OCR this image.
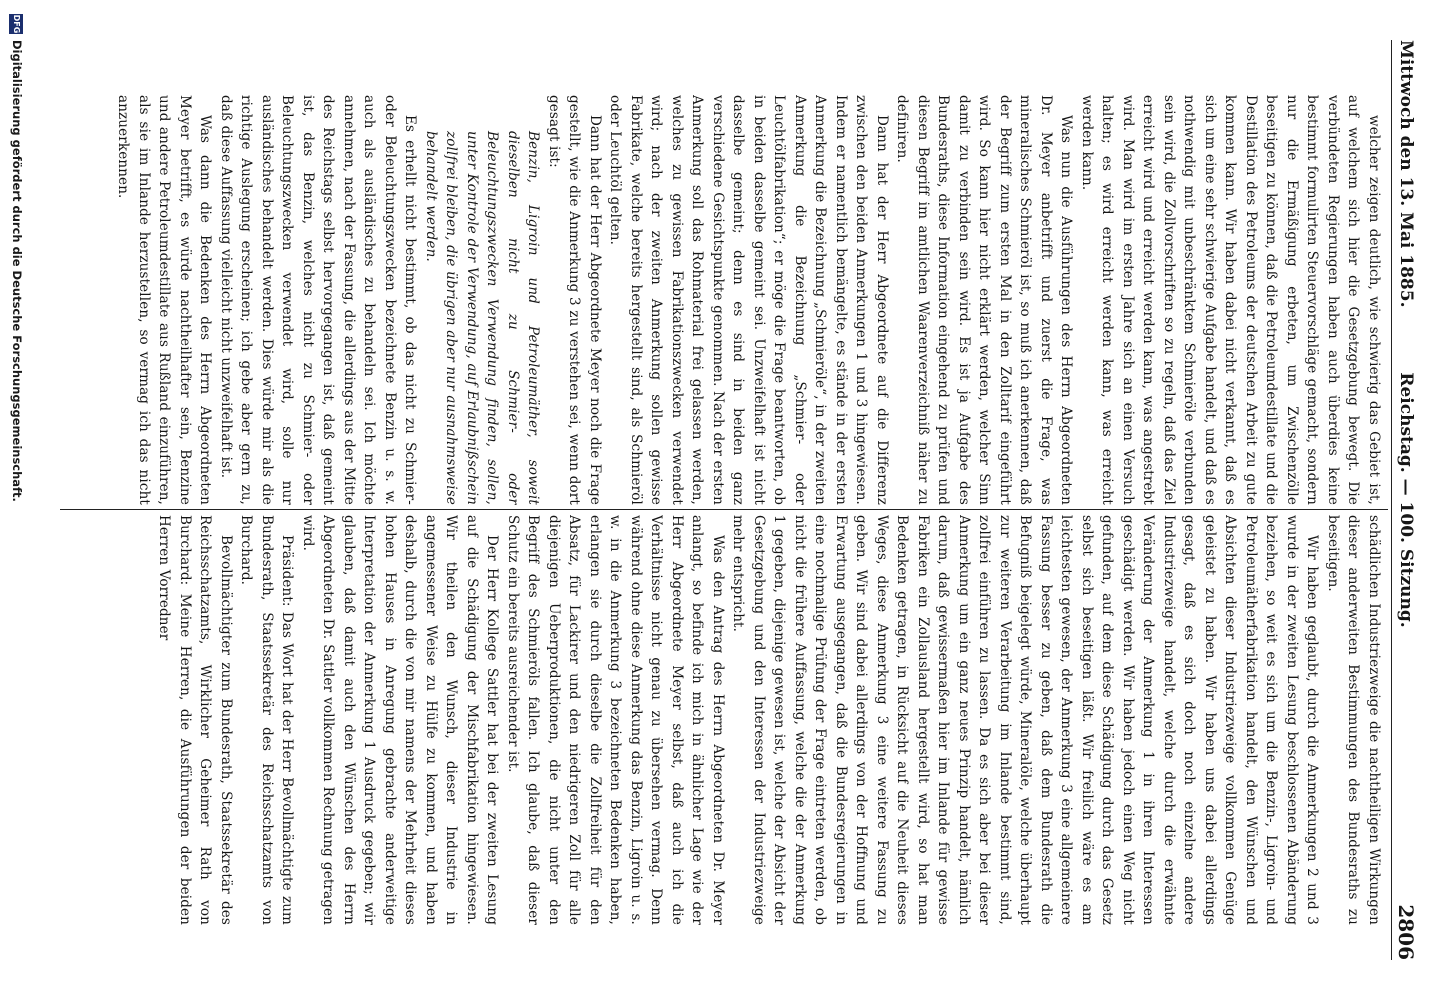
Mittwoch den 13. Mai 1885.
Reichstag. — 100. Sitzung.
2806

welcher zeigen deutlich, wie schwierig das Gebiet ist, auf welchem sich hier die Gesetzgebung bewegt. Die verbündeten Regierungen haben auch überdies keine bestimmt formulirten Steuervorschläge gemacht, sondern nur die Ermäßigung erbeten, um Zwischenzölle beseitigen zu können, daß die Petroleumdestillate und die Destillation des Petroleums der deutschen Arbeit zu gute kommen kann. Wir haben dabei nicht verkannt, daß es sich um eine sehr schwierige Aufgabe handelt, und daß es nothwendig mit unbeschränktem Schmieröle verbunden sein wird, die Zollvorschriften so zu regeln, daß das Ziel erreicht wird und erreicht werden kann, was angestrebt wird. Man wird im ersten Jahre sich an einen Versuch halten; es wird erreicht werden kann, was erreicht werden kann.

Was nun die Ausführungen des Herrn Abgeordneten Dr. Meyer anbetrifft und zuerst die Frage, was mineralisches Schmieröl ist, so muß ich anerkennen, daß der Begriff zum ersten Mal in den Zolltarif eingeführt wird. So kann hier nicht erklärt werden, welcher Sinn damit zu verbinden sein wird. Es ist ja Aufgabe des Bundesraths, diese Information eingehend zu prüfen und diesen Begriff im amtlichen Waarenverzeichniß näher zu definiren.

Dann hat der Herr Abgeordnete auf die Differenz zwischen den beiden Anmerkungen 1 und 3 hingewiesen. Indem er namentlich bemängelte, es stände in der ersten Anmerkung die Bezeichnung „Schmieröle“, in der zweiten Anmerkung die Bezeichnung „Schmier- oder Leuchtölfabrikation“; er möge die Frage beantworten, ob in beiden dasselbe gemeint sei. Unzweifelhaft ist nicht dasselbe gemeint; denn es sind in beiden ganz verschiedene Gesichtspunkte genommen. Nach der ersten Anmerkung soll das Rohmaterial frei gelassen werden, welches zu gewissen Fabrikationszwecken verwendet wird; nach der zweiten Anmerkung sollen gewisse Fabrikate, welche bereits hergestellt sind, als Schmieröl oder Leuchtöl gelten.

Dann hat der Herr Abgeordnete Meyer noch die Frage gestellt, wie die Anmerkung 3 zu verstehen sei, wenn dort gesagt ist:

Benzin, Ligroin und Petroleumäther, soweit dieselben nicht zu Schmier- oder Beleuchtungszwecken Verwendung finden, sollen, unter Kontrole der Verwendung, auf Erlaubnißschein zollfrei bleiben, die übrigen aber nur ausnahmsweise behandelt werden.

Es erhellt nicht bestimmt, ob das nicht zu Schmier- oder Beleuchtungszwecken bezeichnete Benzin u. s. w. auch als ausländisches zu behandeln sei. Ich möchte annehmen, nach der Fassung, die allerdings aus der Mitte des Reichstags selbst hervorgegangen ist, daß gemeint ist, das Benzin, welches nicht zu Schmier- oder Beleuchtungszwecken verwendet wird, solle nur ausländisches behandelt werden. Dies würde mir als die richtige Auslegung erscheinen; ich gebe aber gern zu, daß diese Auffassung vielleicht nicht unzweifelhaft ist.

Was dann die Bedenken des Herrn Abgeordneten Meyer betrifft, es würde nachtheilhafter sein, Benzine und andere Petroleumdestillate aus Rußland einzuführen, als sie im Inlande herzustellen, so vermag ich das nicht anzuerkennen.

schädlichen Industriezweige die nachtheiligen Wirkungen dieser anderweiten Bestimmungen des Bundesraths zu beseitigen.

Wir haben geglaubt, durch die Anmerkungen 2 und 3 wurde in der zweiten Lesung beschlossenen Abänderung beziehen, so weit es sich um die Benzin-, Ligroin- und Petroleumätherfabrikation handelt, den Wünschen und Absichten dieser Industriezweige vollkommen Genüge geleistet zu haben. Wir haben uns dabei allerdings gesagt, daß es sich doch noch einzelne andere Industriezweige handelt, welche durch die erwähnte Veränderung der Anmerkung 1 in ihren Interessen geschädigt werden. Wir haben jedoch einen Weg nicht gefunden, auf dem diese Schädigung durch das Gesetz selbst sich beseitigen läßt. Wir freilich wäre es am leichtesten gewesen, der Anmerkung 3 eine allgemeinere Fassung besser zu geben, daß dem Bundesrath die Befugniß beigelegt würde, Mineralöle, welche überhaupt zur weiteren Verarbeitung im Inlande bestimmt sind, zollfrei einführen zu lassen. Da es sich aber bei dieser Anmerkung um ein ganz neues Prinzip handelt, nämlich darum, daß gewissermaßen hier im Inlande für gewisse Fabriken ein Zollausland hergestellt wird, so hat man Bedenken getragen, in Rücksicht auf die Neuheit dieses Weges, diese Anmerkung 3 eine weitere Fassung zu geben. Wir sind dabei allerdings von der Hoffnung und Erwartung ausgegangen, daß die Bundesregierungen in eine nochmalige Prüfung der Frage eintreten werden, ob nicht die frühere Auffassung, welche die der Anmerkung 1 gegeben, diejenige gewesen ist, welche der Absicht der Gesetzgebung und den Interessen der Industriezweige mehr entspricht.

Was den Antrag des Herrn Abgeordneten Dr. Meyer anlangt, so befinde ich mich in ähnlicher Lage wie der Herr Abgeordnete Meyer selbst, daß auch ich die Verhältnisse nicht genau zu übersehen vermag. Denn während ohne diese Anmerkung das Benzin, Ligroin u. s. w. in die Anmerkung 3 bezeichneten Bedenken haben, erlangen sie durch dieselbe die Zollfreiheit für den Absatz, für Lackirer und den niedrigeren Zoll für alle diejenigen Ueberproduktionen, die nicht unter den Begriff des Schmieröls fallen. Ich glaube, daß dieser Schutz ein bereits ausreichender ist.

Der Herr Kollege Sattler hat bei der zweiten Lesung auf die Schädigung der Mischfabrikation hingewiesen. Wir theilen den Wunsch, dieser Industrie in angemessener Weise zu Hülfe zu kommen, und haben deshalb, durch die von mir namens der Mehrheit dieses hohen Hauses in Anregung gebrachte anderweitige Interpretation der Anmerkung 1 Ausdruck gegeben; wir glauben, daß damit auch den Wünschen des Herrn Abgeordneten Dr. Sattler vollkommen Rechnung getragen wird.

Präsident: Das Wort hat der Herr Bevollmächtigte zum Bundesrath, Staatssekretär des Reichsschatzamts von Burchard.

Bevollmächtigter zum Bundesrath, Staatssekretär des Reichsschatzamts, Wirklicher Geheimer Rath von Burchard: Meine Herren, die Ausführungen der beiden Herren Vorredner

DFG
Digitalisierung gefördert durch die Deutsche Forschungsgemeinschaft.
